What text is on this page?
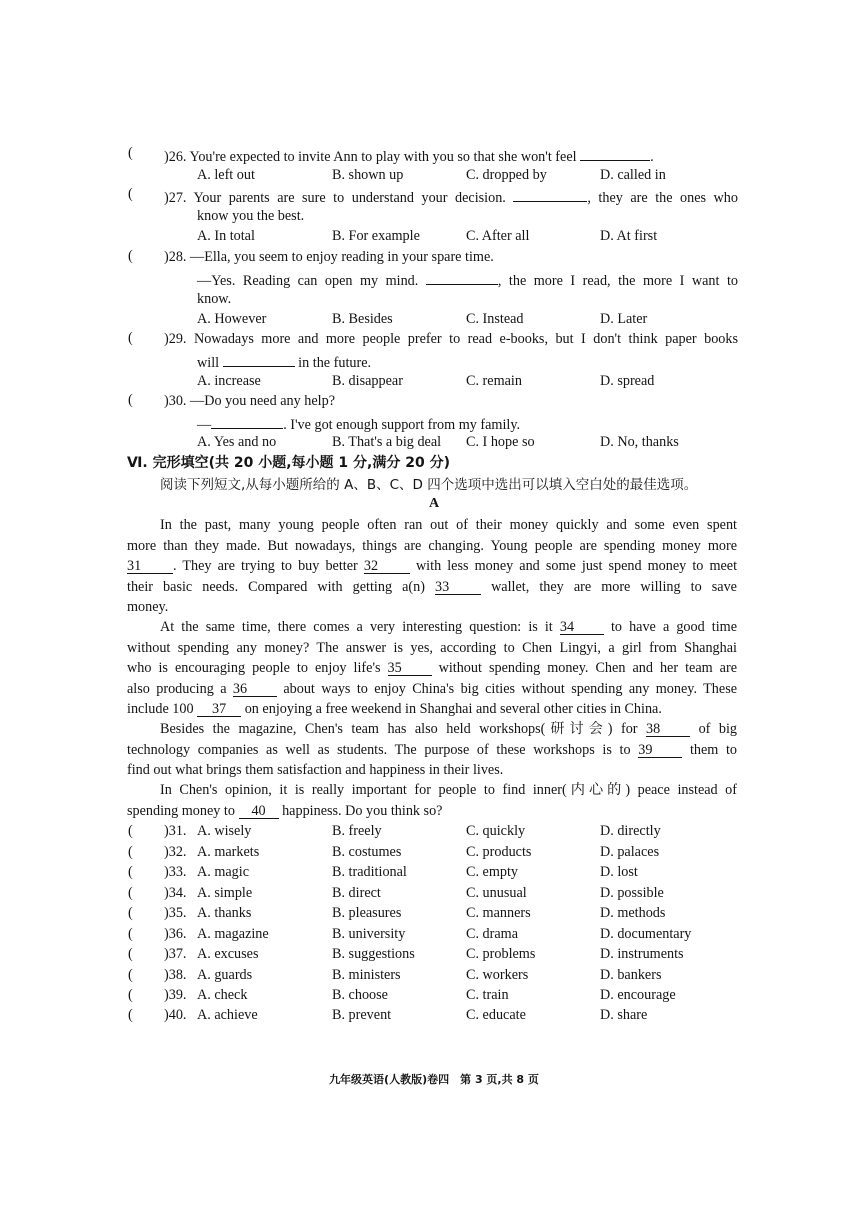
( )26. You're expected to invite Ann to play with you so that she won't feel	.
A. left out	B. shown up	C. dropped by	D. called in
( )27. Your parents are sure to understand your decision.	, they are the ones who
know you the best.
A. In total	B. For example	C. After all	D. At first
( )28. —Ella, you seem to enjoy reading in your spare time.
—Yes. Reading can open my mind.	, the more I read, the more I want to
know.
A. However	B. Besides	C. Instead	D. Later
( )29. Nowadays more and more people prefer to read e-books, but I don't think paper books
will	in the future.
A. increase	B. disappear	C. remain	D. spread
( )30. —Do you need any help?
—	. I've got enough support from my family.
A. Yes and no	B. That's a big deal C. I hope so	D. No, thanks
Ⅵ. 完形填空(共 20 小题,每小题 1 分,满分 20 分)
阅读下列短文,从每小题所给的 A、B、C、D 四个选项中选出可以填入空白处的最佳选项。
A
In the past, many young people often ran out of their money quickly and some even spent
more than they made. But nowadays, things are changing. Young people are spending money more
31 . They are trying to buy better 32	with less money and some just spend money to meet
their basic needs. Compared with getting a(n) 33	wallet, they are more willing to save
money.
At the same time, there comes a very interesting question: is it 34	to have a good time
without spending any money? The answer is yes, according to Chen Lingyi, a girl from Shanghai
who is encouraging people to enjoy life's 35	without spending money. Chen and her team are
also producing a 36	about ways to enjoy China's big cities without spending any money. These
include 100 37 on enjoying a free weekend in Shanghai and several other cities in China.
Besides the magazine, Chen's team has also held workshops(研讨会) for 38	of big
technology companies as well as students. The purpose of these workshops is to 39	them to
find out what brings them satisfaction and happiness in their lives.
In Chen's opinion, it is really important for people to find inner(内心的) peace instead of
spending money to 40 happiness. Do you think so?
( )31. A. wisely	B. freely	C. quickly	D. directly
( )32. A. markets	B. costumes	C. products	D. palaces
( )33. A. magic	B. traditional	C. empty	D. lost
( )34. A. simple	B. direct	C. unusual	D. possible
( )35. A. thanks	B. pleasures	C. manners	D. methods
( )36. A. magazine	B. university	C. drama	D. documentary
( )37. A. excuses	B. suggestions	C. problems	D. instruments
( )38. A. guards	B. ministers	C. workers	D. bankers
( )39. A. check	B. choose	C. train	D. encourage
( )40. A. achieve	B. prevent	C. educate	D. share
九年级英语(人教版)卷四　第 3 页,共 8 页
